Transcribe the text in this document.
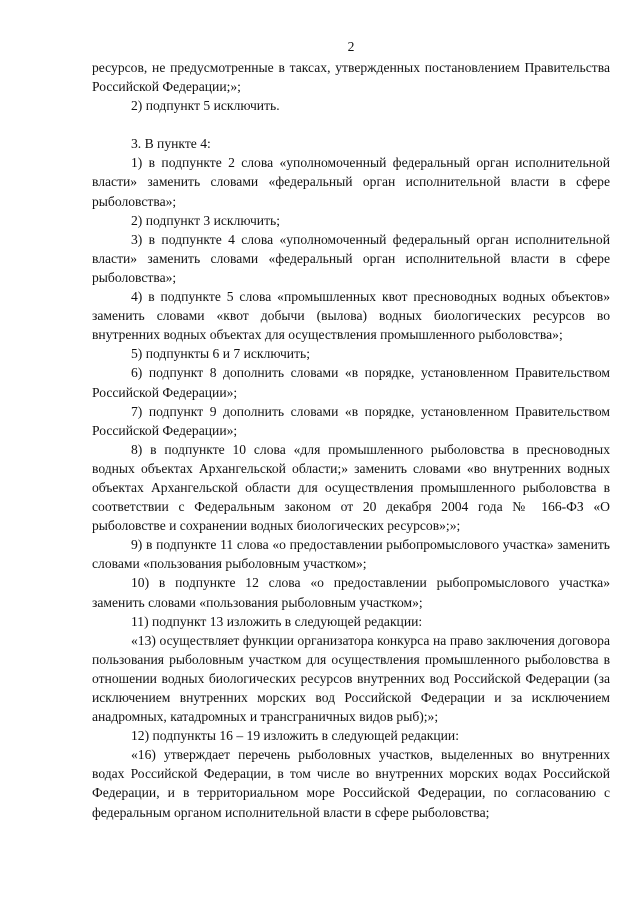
2

ресурсов, не предусмотренные в таксах, утвержденных постановлением Правительства Российской Федерации;»;

2) подпункт 5 исключить.

3. В пункте 4:

1) в подпункте 2 слова «уполномоченный федеральный орган исполнительной власти» заменить словами «федеральный орган исполнительной власти в сфере рыболовства»;

2) подпункт 3 исключить;

3) в подпункте 4 слова «уполномоченный федеральный орган исполнительной власти» заменить словами «федеральный орган исполнительной власти в сфере рыболовства»;

4) в подпункте 5 слова «промышленных квот пресноводных водных объектов» заменить словами «квот добычи (вылова) водных биологических ресурсов во внутренних водных объектах для осуществления промышленного рыболовства»;

5) подпункты 6 и 7 исключить;

6) подпункт 8 дополнить словами «в порядке, установленном Правительством Российской Федерации»;

7) подпункт 9 дополнить словами «в порядке, установленном Правительством Российской Федерации»;

8) в подпункте 10 слова «для промышленного рыболовства в пресноводных водных объектах Архангельской области;» заменить словами «во внутренних водных объектах Архангельской области для осуществления промышленного рыболовства в соответствии с Федеральным законом от 20 декабря 2004 года № 166-ФЗ «О рыболовстве и сохранении водных биологических ресурсов»;»;

9) в подпункте 11 слова «о предоставлении рыбопромыслового участка» заменить словами «пользования рыболовным участком»;

10) в подпункте 12 слова «о предоставлении рыбопромыслового участка» заменить словами «пользования рыболовным участком»;

11) подпункт 13 изложить в следующей редакции:

«13) осуществляет функции организатора конкурса на право заключения договора пользования рыболовным участком для осуществления промышленного рыболовства в отношении водных биологических ресурсов внутренних вод Российской Федерации (за исключением внутренних морских вод Российской Федерации и за исключением анадромных, катадромных и трансграничных видов рыб);»;

12) подпункты 16 – 19 изложить в следующей редакции:

«16) утверждает перечень рыболовных участков, выделенных во внутренних водах Российской Федерации, в том числе во внутренних морских водах Российской Федерации, и в территориальном море Российской Федерации, по согласованию с федеральным органом исполнительной власти в сфере рыболовства;
